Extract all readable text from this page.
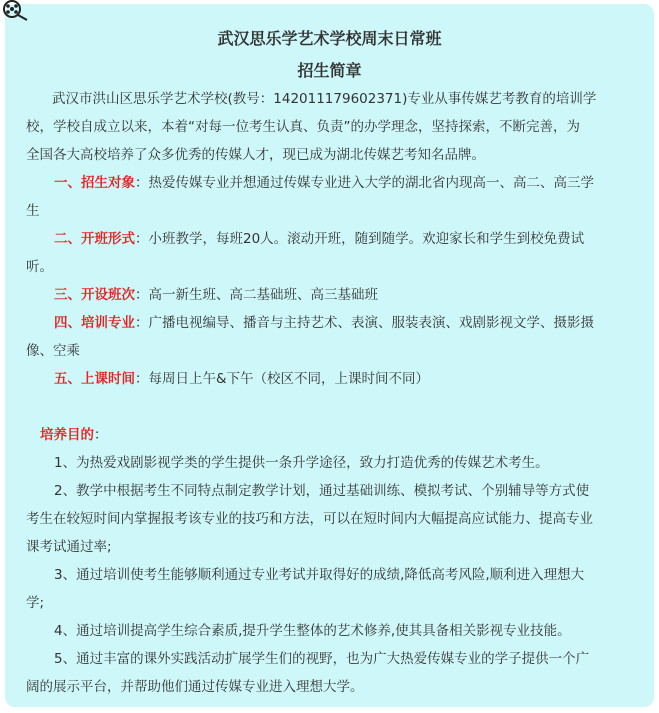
武汉思乐学艺术学校周末日常班
招生简章
武汉市洪山区思乐学艺术学校(教号：142011179602371)专业从事传媒艺考教育的培训学
校，学校自成立以来，本着“对每一位考生认真、负责”的办学理念，坚持探索，不断完善，为
全国各大高校培养了众多优秀的传媒人才，现已成为湖北传媒艺考知名品牌。
一、招生对象：热爱传媒专业并想通过传媒专业进入大学的湖北省内现高一、高二、高三学
生
二、开班形式：小班教学，每班20人。滚动开班，随到随学。欢迎家长和学生到校免费试
听。
三、开设班次：高一新生班、高二基础班、高三基础班
四、培训专业：广播电视编导、播音与主持艺术、表演、服装表演、戏剧影视文学、摄影摄
像、空乘
五、上课时间：每周日上午&下午（校区不同，上课时间不同）
培养目的：
1、为热爱戏剧影视学类的学生提供一条升学途径，致力打造优秀的传媒艺术考生。
2、教学中根据考生不同特点制定教学计划，通过基础训练、模拟考试、个别辅导等方式使
考生在较短时间内掌握报考该专业的技巧和方法，可以在短时间内大幅提高应试能力、提高专业
课考试通过率;
3、通过培训使考生能够顺利通过专业考试并取得好的成绩,降低高考风险,顺利进入理想大
学;
4、通过培训提高学生综合素质,提升学生整体的艺术修养,使其具备相关影视专业技能。
5、通过丰富的课外实践活动扩展学生们的视野，也为广大热爱传媒专业的学子提供一个广
阔的展示平台，并帮助他们通过传媒专业进入理想大学。
